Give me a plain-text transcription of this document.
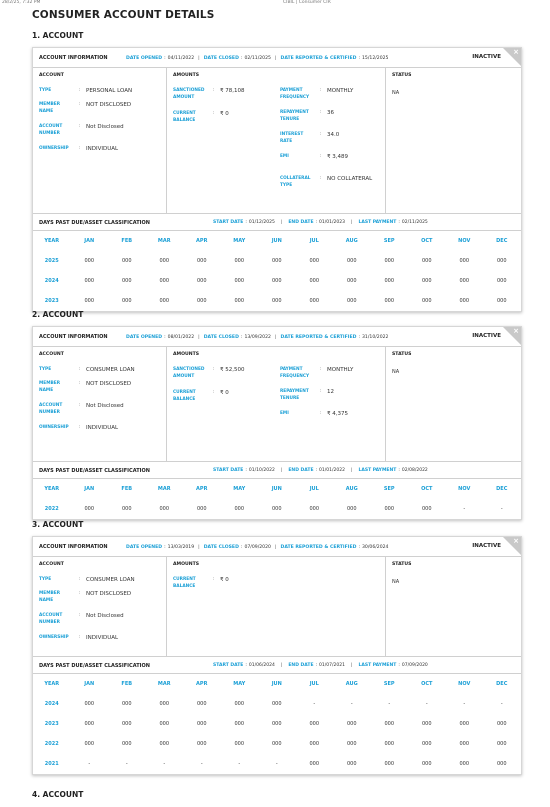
28/2/25, 7:32 PM	CIBIL | Consumer CIR
CONSUMER ACCOUNT DETAILS
1. ACCOUNT
ACCOUNT INFORMATION	DATE OPENED : 04/11/2022 | DATE CLOSED : 02/11/2025 | DATE REPORTED & CERTIFIED : 15/12/2025	INACTIVE
×
ACCOUNT
TYPE	: PERSONAL LOAN
MEMBER NAME
: NOT DISCLOSED
ACCOUNT NUMBER
: Not Disclosed
OWNERSHIP	: INDIVIDUAL
AMOUNTS
SANCTIONED AMOUNT
: ₹ 78,108
CURRENT BALANCE
: ₹ 0
PAYMENT FREQUENCY
: MONTHLY
REPAYMENT TENURE
: 36
INTEREST RATE
: 34.0
EMI	: ₹ 3,489
COLLATERAL TYPE
: NO COLLATERAL
STATUS
NA
DAYS PAST DUE/ASSET CLASSIFICATION	START DATE : 01/12/2025 | END DATE : 01/01/2023 | LAST PAYMENT : 02/11/2025
YEAR	JAN	FEB	MAR	APR	MAY	JUN	JUL	AUG	SEP	OCT	NOV	DEC
2025	000	000	000	000	000	000	000	000	000	000	000	000
2024	000	000	000	000	000	000	000	000	000	000	000	000
2023	000	000	000	000	000	000	000	000	000	000	000	000
2. ACCOUNT
ACCOUNT INFORMATION	DATE OPENED : 08/01/2022 | DATE CLOSED : 13/09/2022 | DATE REPORTED & CERTIFIED : 31/10/2022	INACTIVE
×
ACCOUNT
TYPE	: CONSUMER LOAN
MEMBER NAME
: NOT DISCLOSED
ACCOUNT NUMBER
: Not Disclosed
OWNERSHIP	: INDIVIDUAL
AMOUNTS
SANCTIONED AMOUNT
: ₹ 52,500
CURRENT BALANCE
: ₹ 0
PAYMENT FREQUENCY
: MONTHLY
REPAYMENT TENURE
: 12
EMI	: ₹ 4,375
STATUS
NA
DAYS PAST DUE/ASSET CLASSIFICATION	START DATE : 01/10/2022 | END DATE : 01/01/2022 | LAST PAYMENT : 02/08/2022
YEAR	JAN	FEB	MAR	APR	MAY	JUN	JUL	AUG	SEP	OCT	NOV	DEC
2022	000	000	000	000	000	000	000	000	000	000	-	-
3. ACCOUNT
ACCOUNT INFORMATION	DATE OPENED : 13/03/2019 | DATE CLOSED : 07/09/2020 | DATE REPORTED & CERTIFIED : 30/06/2024	INACTIVE
×
ACCOUNT
TYPE	: CONSUMER LOAN
MEMBER NAME
: NOT DISCLOSED
ACCOUNT NUMBER
: Not Disclosed
OWNERSHIP	: INDIVIDUAL
AMOUNTS
CURRENT BALANCE
: ₹ 0
STATUS
NA
DAYS PAST DUE/ASSET CLASSIFICATION	START DATE : 01/06/2024 | END DATE : 01/07/2021 | LAST PAYMENT : 07/09/2020
YEAR	JAN	FEB	MAR	APR	MAY	JUN	JUL	AUG	SEP	OCT	NOV	DEC
2024	000	000	000	000	000	000	-	-	-	-	-	-
2023	000	000	000	000	000	000	000	000	000	000	000	000
2022	000	000	000	000	000	000	000	000	000	000	000	000
2021	-	-	-	-	-	-	000	000	000	000	000	000
4. ACCOUNT
